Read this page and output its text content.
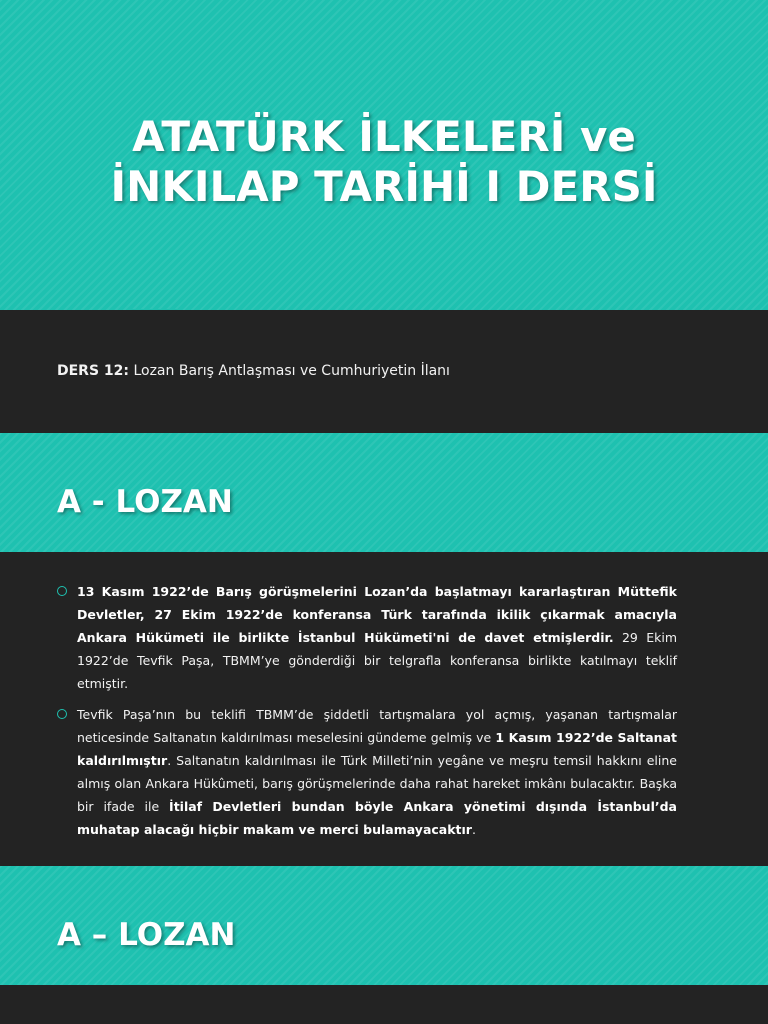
ATATÜRK İLKELERİ ve
İNKILAP TARİHİ I DERSİ

DERS 12: Lozan Barış Antlaşması ve Cumhuriyetin İlanı

A - LOZAN
13 Kasım 1922’de Barış görüşmelerini Lozan’da başlatmayı kararlaştıran Müttefik Devletler, 27 Ekim 1922’de konferansa Türk tarafında ikilik çıkarmak amacıyla Ankara Hükümeti ile birlikte İstanbul Hükümeti'ni de davet etmişlerdir. 29 Ekim 1922’de Tevfik Paşa, TBMM’ye gönderdiği bir telgrafla konferansa birlikte katılmayı teklif etmiştir.
Tevfik Paşa’nın bu teklifi TBMM’de şiddetli tartışmalara yol açmış, yaşanan tartışmalar neticesinde Saltanatın kaldırılması meselesini gündeme gelmiş ve 1 Kasım 1922’de Saltanat kaldırılmıştır. Saltanatın kaldırılması ile Türk Milleti’nin yegâne ve meşru temsil hakkını eline almış olan Ankara Hükûmeti, barış görüşmelerinde daha rahat hareket imkânı bulacaktır. Başka bir ifade ile İtilaf Devletleri bundan böyle Ankara yönetimi dışında İstanbul’da muhatap alacağı hiçbir makam ve merci bulamayacaktır.
A – LOZAN
